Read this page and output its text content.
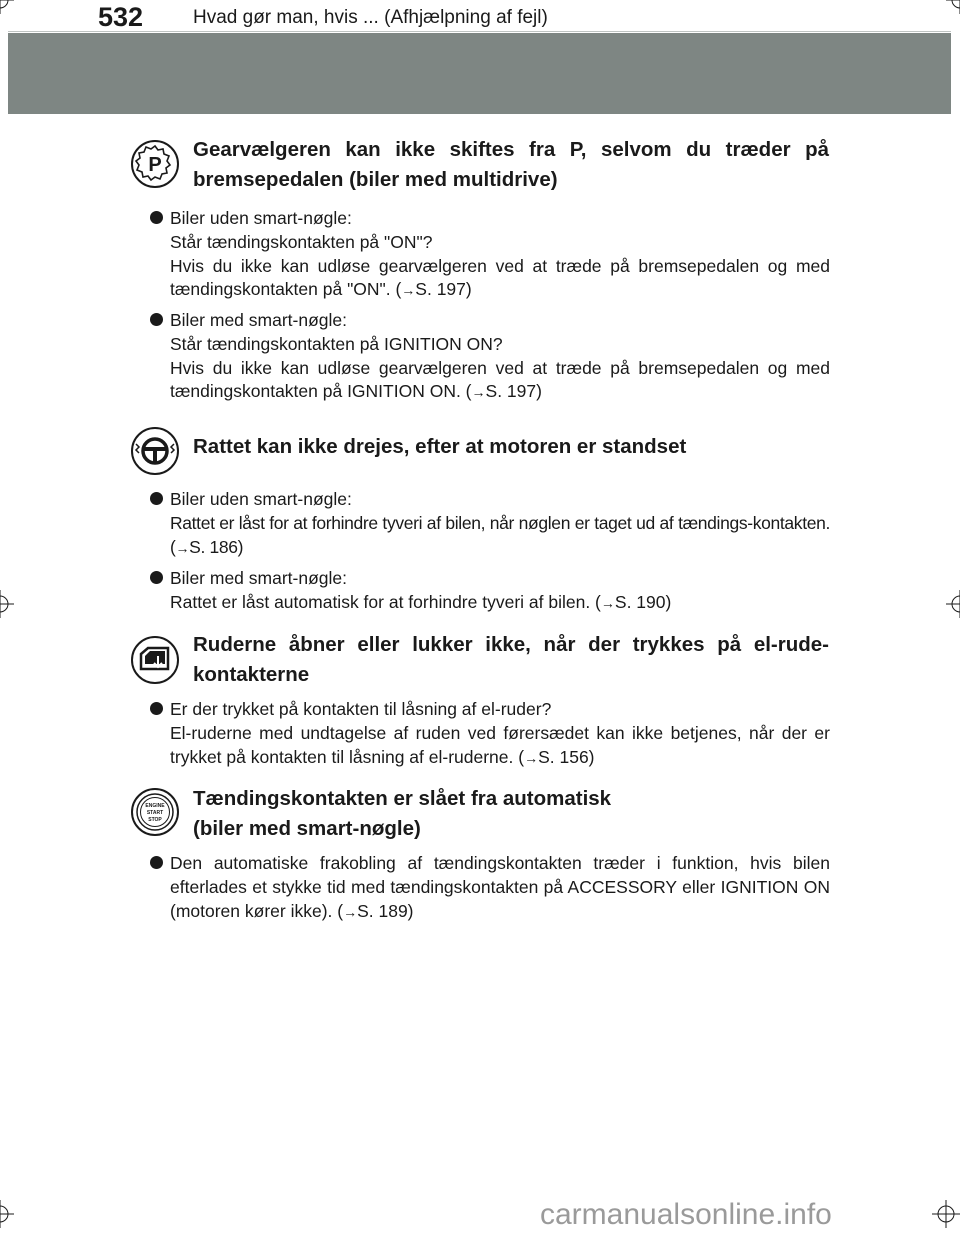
532	Hvad gør man, hvis ... (Afhjælpning af fejl)
P
Gearvælgeren kan ikke skiftes fra P, selvom du træder på bremsepedalen (biler med multidrive)
Biler uden smart-nøgle:
Står tændingskontakten på "ON"?
Hvis du ikke kan udløse gearvælgeren ved at træde på bremsepedalen og med tændingskontakten på "ON". (→S. 197)
Biler med smart-nøgle:
Står tændingskontakten på IGNITION ON?
Hvis du ikke kan udløse gearvælgeren ved at træde på bremsepedalen og med tændingskontakten på IGNITION ON. (→S. 197)
Rattet kan ikke drejes, efter at motoren er standset
Biler uden smart-nøgle:
Rattet er låst for at forhindre tyveri af bilen, når nøglen er taget ud af tændings-kontakten. (→S. 186)
Biler med smart-nøgle:
Rattet er låst automatisk for at forhindre tyveri af bilen. (→S. 190)
Ruderne åbner eller lukker ikke, når der trykkes på el-rude-kontakterne
Er der trykket på kontakten til låsning af el-ruder?
El-ruderne med undtagelse af ruden ved førersædet kan ikke betjenes, når der er trykket på kontakten til låsning af el-ruderne. (→S. 156)
ENGINE
START
STOP
Tændingskontakten er slået fra automatisk
(biler med smart-nøgle)
Den automatiske frakobling af tændingskontakten træder i funktion, hvis bilen efterlades et stykke tid med tændingskontakten på ACCESSORY eller IGNITION ON (motoren kører ikke). (→S. 189)
carmanualsonline.info
